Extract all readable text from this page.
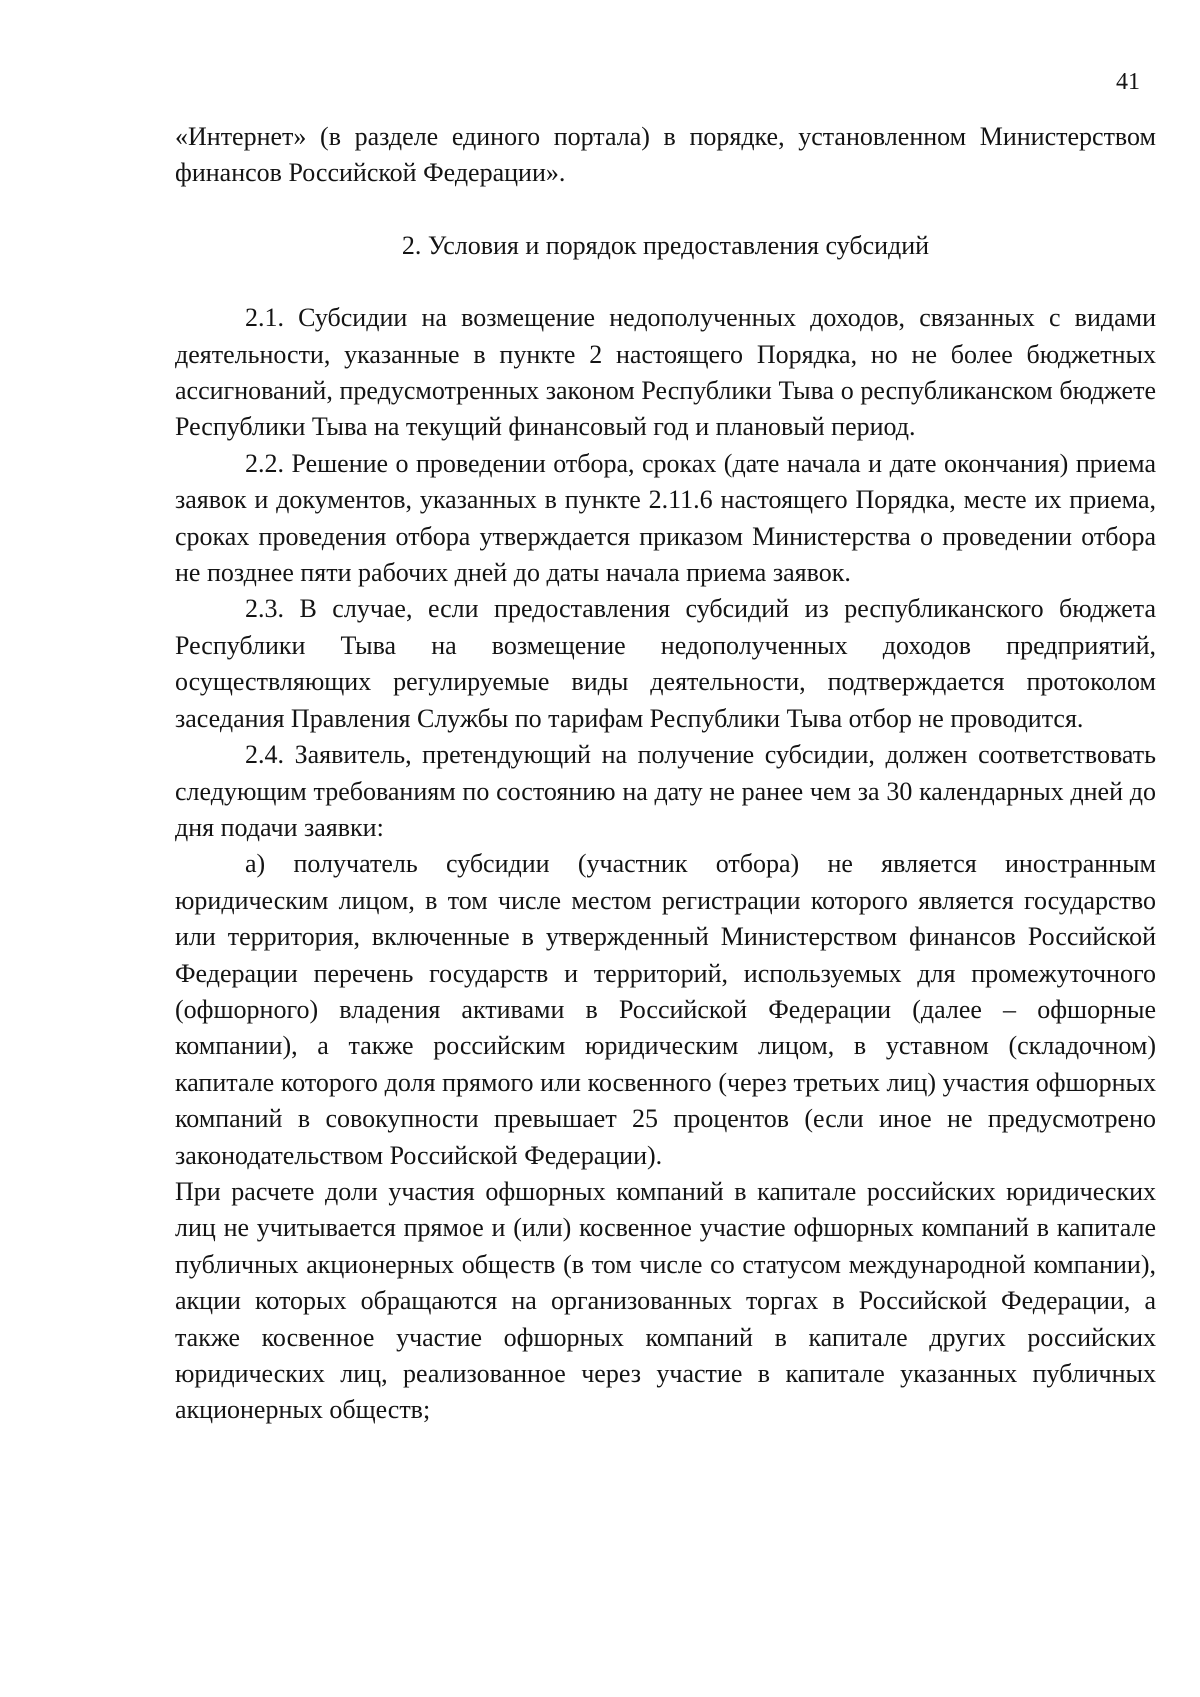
41

«Интернет» (в разделе единого портала) в порядке, установленном Министерством финансов Российской Федерации».

2. Условия и порядок предоставления субсидий

2.1. Субсидии на возмещение недополученных доходов, связанных с видами деятельности, указанные в пункте 2 настоящего Порядка, но не более бюджетных ассигнований, предусмотренных законом Республики Тыва о республиканском бюджете Республики Тыва на текущий финансовый год и плановый период.

2.2. Решение о проведении отбора, сроках (дате начала и дате окончания) приема заявок и документов, указанных в пункте 2.11.6 настоящего Порядка, месте их приема, сроках проведения отбора утверждается приказом Министерства о проведении отбора не позднее пяти рабочих дней до даты начала приема заявок.

2.3. В случае, если предоставления субсидий из республиканского бюджета Республики Тыва на возмещение недополученных доходов предприятий, осуществляющих регулируемые виды деятельности, подтверждается протоколом заседания Правления Службы по тарифам Республики Тыва отбор не проводится.

2.4. Заявитель, претендующий на получение субсидии, должен соответствовать следующим требованиям по состоянию на дату не ранее чем за 30 календарных дней до дня подачи заявки:

а) получатель субсидии (участник отбора) не является иностранным юридическим лицом, в том числе местом регистрации которого является государство или территория, включенные в утвержденный Министерством финансов Российской Федерации перечень государств и территорий, используемых для промежуточного (офшорного) владения активами в Российской Федерации (далее – офшорные компании), а также российским юридическим лицом, в уставном (складочном) капитале которого доля прямого или косвенного (через третьих лиц) участия офшорных компаний в совокупности превышает 25 процентов (если иное не предусмотрено законодательством Российской Федерации).

При расчете доли участия офшорных компаний в капитале российских юридических лиц не учитывается прямое и (или) косвенное участие офшорных компаний в капитале публичных акционерных обществ (в том числе со статусом международной компании), акции которых обращаются на организованных торгах в Российской Федерации, а также косвенное участие офшорных компаний в капитале других российских юридических лиц, реализованное через участие в капитале указанных публичных акционерных обществ;
